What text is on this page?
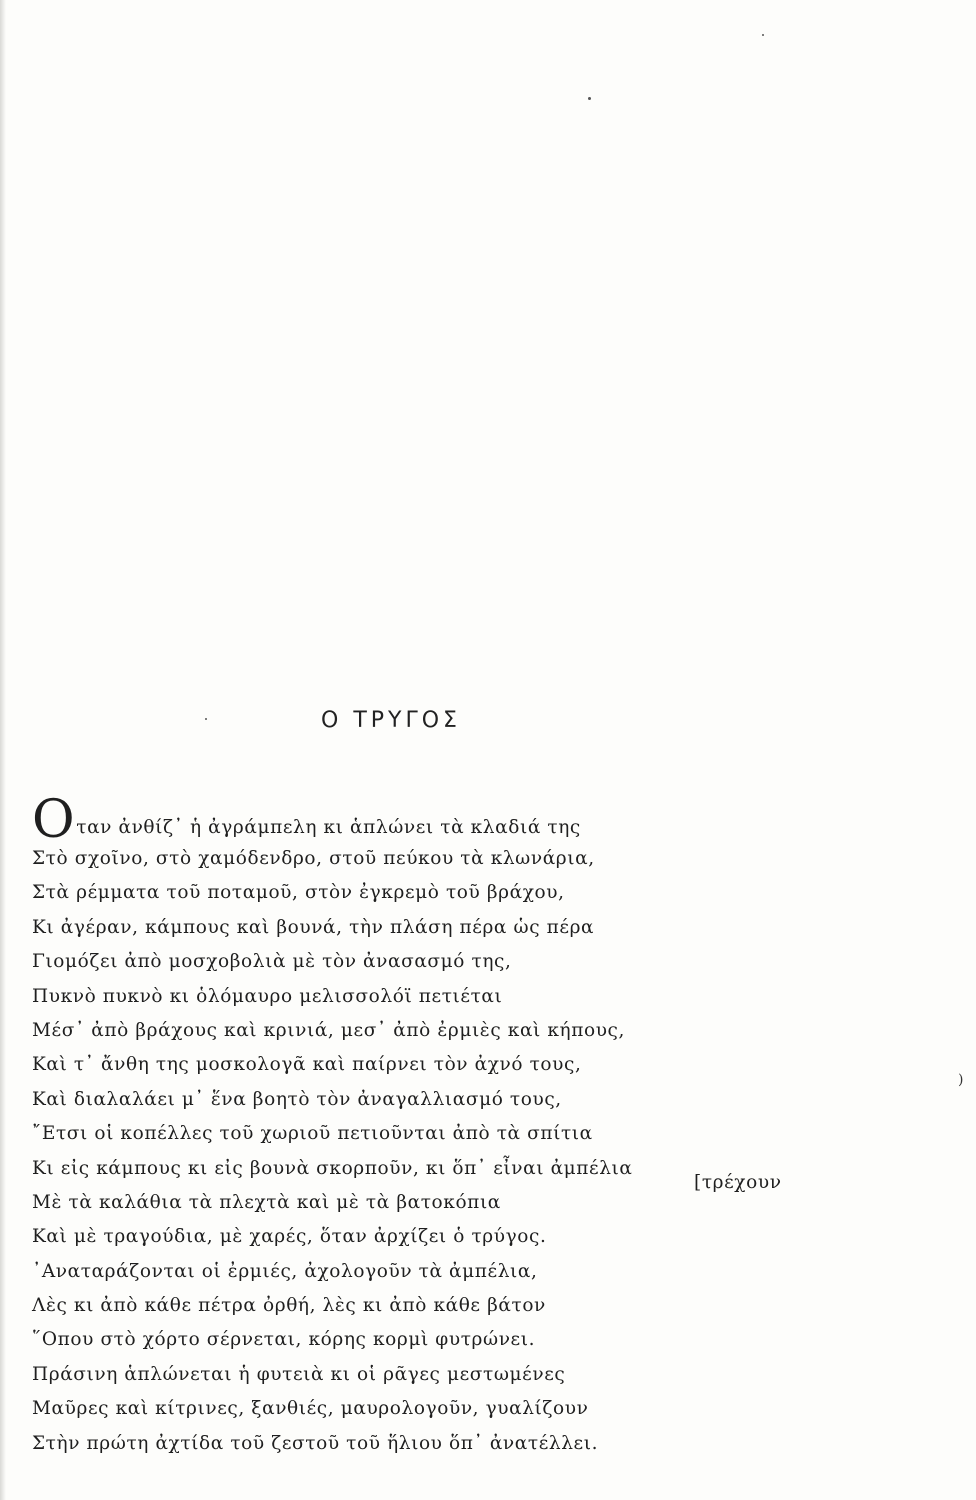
Ο ΤΡΥΓΟΣ
Οταν ἀνθίζ᾿ ἡ ἀγράμπελη κι ἁπλώνει τὰ κλαδιά της
Στὸ σχοῖνο, στὸ χαμόδενδρο, στοῦ πεύκου τὰ κλωνάρια,
Στὰ ρέμματα τοῦ ποταμοῦ, στὸν ἐγκρεμὸ τοῦ βράχου,
Κι ἀγέραν, κάμπους καὶ βουνά, τὴν πλάση πέρα ὡς πέρα
Γιομόζει ἀπὸ μοσχοβολιὰ μὲ τὸν ἀνασασμό της,
Πυκνὸ πυκνὸ κι ὁλόμαυρο μελισσολόϊ πετιέται
Μέσ᾿ ἀπὸ βράχους καὶ κρινιά, μεσ᾿ ἀπὸ ἐρμιὲς καὶ κήπους,
Καὶ τ᾿ ἄνθη της μοσκολογᾶ καὶ παίρνει τὸν ἀχνό τους,
Καὶ διαλαλάει μ᾿ ἕνα βοητὸ τὸν ἀναγαλλιασμό τους,
῎Ετσι οἱ κοπέλλες τοῦ χωριοῦ πετιοῦνται ἀπὸ τὰ σπίτια
Κι εἰς κάμπους κι εἰς βουνὰ σκορποῦν, κι ὅπ᾿ εἶναι ἀμπέλια
Μὲ τὰ καλάθια τὰ πλεχτὰ καὶ μὲ τὰ βατοκόπια
[τρέχουν
Καὶ μὲ τραγούδια, μὲ χαρές, ὅταν ἀρχίζει ὁ τρύγος.
᾿Αναταράζονται οἱ ἐρμιές, ἀχολογοῦν τὰ ἀμπέλια,
Λὲς κι ἀπὸ κάθε πέτρα ὀρθή, λὲς κι ἀπὸ κάθε βάτον
῞Οπου στὸ χόρτο σέρνεται, κόρης κορμὶ φυτρώνει.
Πράσινη ἁπλώνεται ἡ φυτειὰ κι οἱ ρᾶγες μεστωμένες
Μαῦρες καὶ κίτρινες, ξανθιές, μαυρολογοῦν, γυαλίζουν
Στὴν πρώτη ἀχτίδα τοῦ ζεστοῦ τοῦ ἥλιου ὅπ᾿ ἀνατέλλει.
)
